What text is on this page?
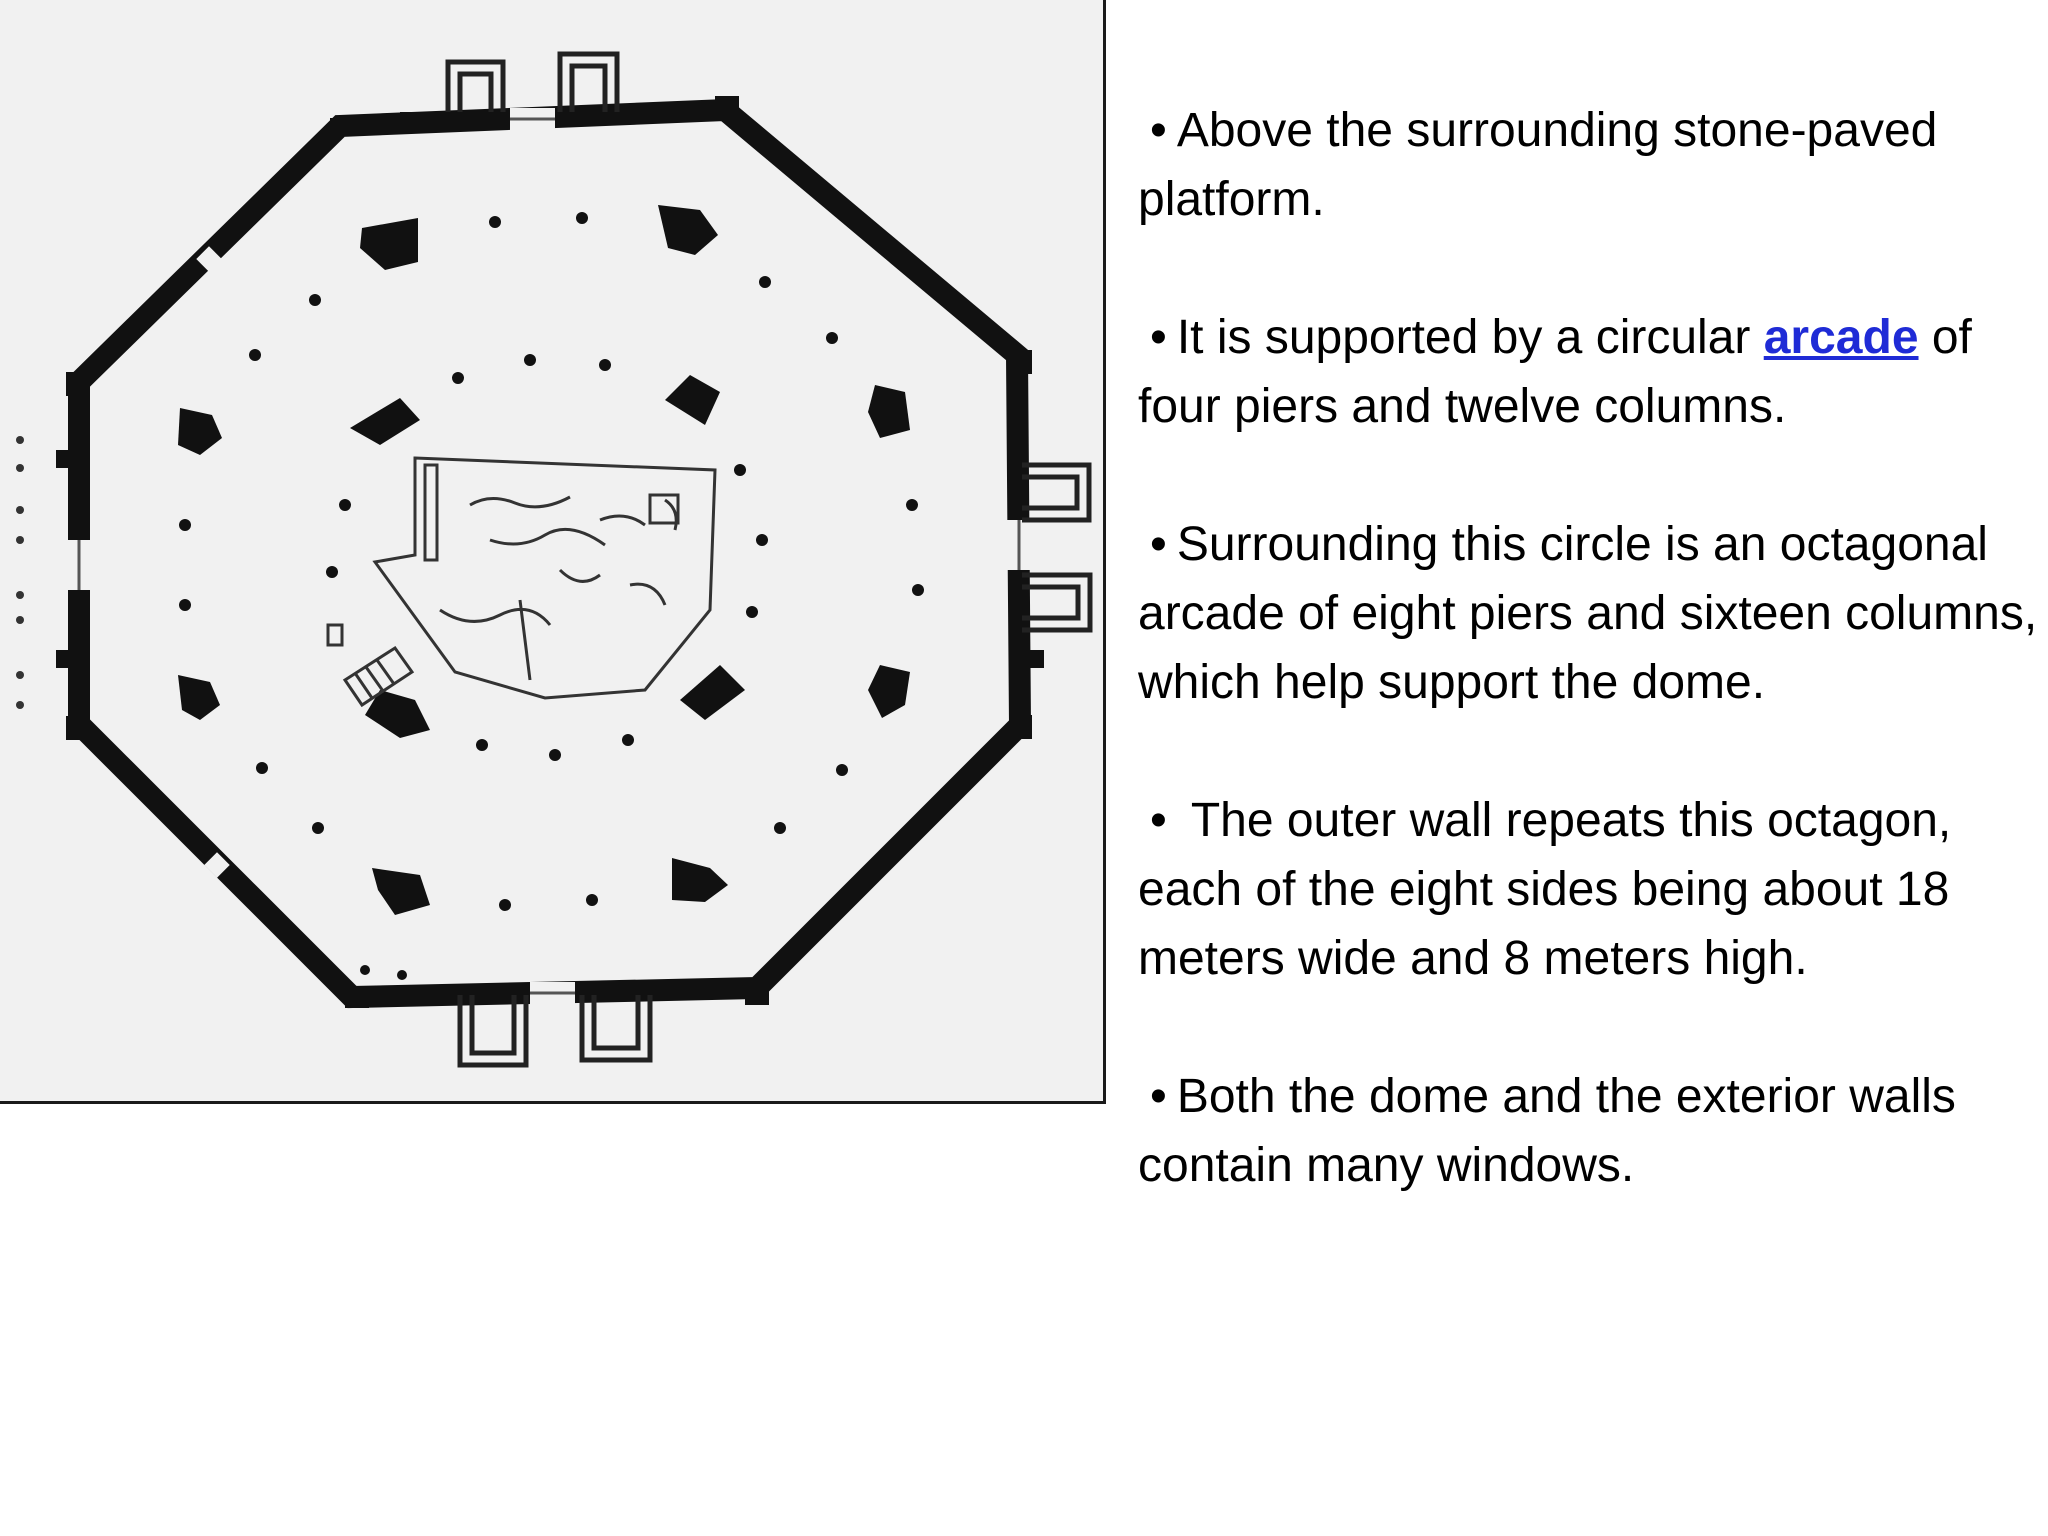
• Above the surrounding stone-paved platform.

• It is supported by a circular arcade of four piers and twelve columns.

• Surrounding this circle is an octagonal arcade of eight piers and sixteen columns, which help support the dome.

• The outer wall repeats this octagon, each of the eight sides being about 18 meters wide and 8 meters high.

• Both the dome and the exterior walls contain many windows.
